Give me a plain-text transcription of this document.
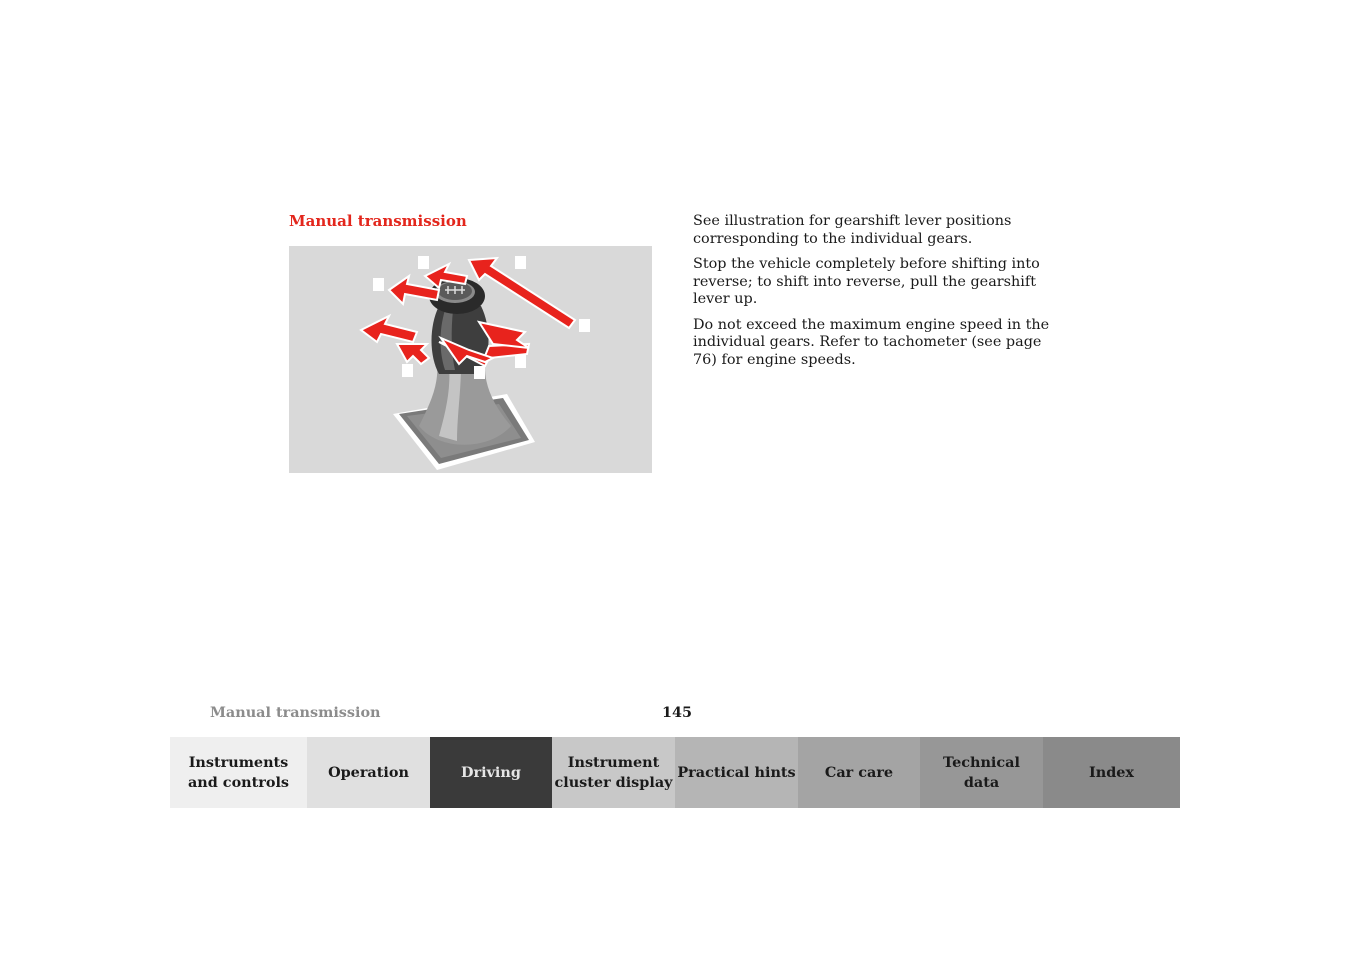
Manual transmission	See illustration for gearshift lever positions corresponding to the individual gears.

Stop the vehicle completely before shifting into reverse; to shift into reverse, pull the gearshift lever up.

Do not exceed the maximum engine speed in the individual gears. Refer to tachometer (see page 76) for engine speeds.

Manual transmission	145
Instruments
and controls
Operation	Driving
Instrument
cluster display
Practical hints	Car care
Technical
data
Index
